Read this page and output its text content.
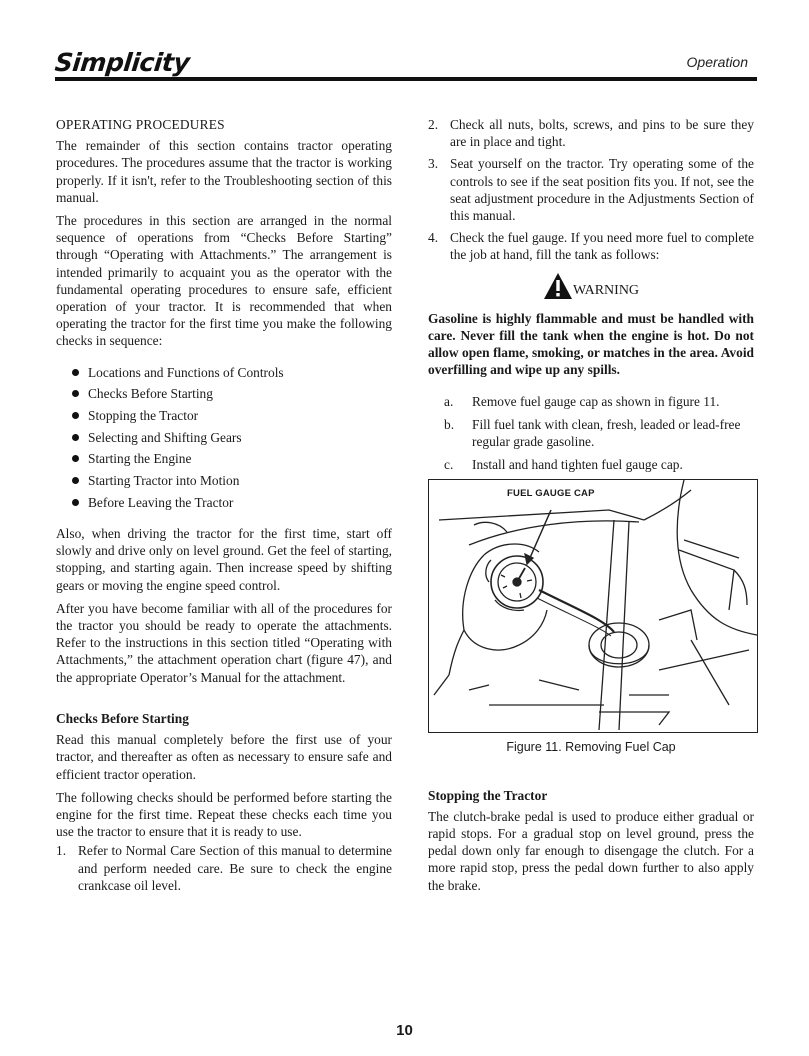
Simplicity	Operation
OPERATING PROCEDURES

The remainder of this section contains tractor operating procedures. The procedures assume that the tractor is working properly. If it isn't, refer to the Troubleshooting section of this manual.

The procedures in this section are arranged in the normal sequence of operations from “Checks Before Starting” through “Operating with Attachments.” The arrangement is intended primarily to acquaint you as the operator with the fundamental operating procedures to ensure safe, efficient operation of your tractor. It is recommended that when operating the tractor for the first time you make the following checks in sequence:

Locations and Functions of Controls
Checks Before Starting
Stopping the Tractor
Selecting and Shifting Gears
Starting the Engine
Starting Tractor into Motion
Before Leaving the Tractor

Also, when driving the tractor for the first time, start off slowly and drive only on level ground. Get the feel of starting, stopping, and starting again. Then increase speed by shifting gears or moving the engine speed control.

After you have become familiar with all of the procedures for the tractor you should be ready to operate the attachments. Refer to the instructions in this section titled “Operating with Attachments,” the attachment operation chart (figure 47), and the appropriate Operator’s Manual for the attachment.

Checks Before Starting

Read this manual completely before the first use of your tractor, and thereafter as often as necessary to ensure safe and efficient tractor operation.

The following checks should be performed before starting the engine for the first time. Repeat these checks each time you use the tractor to ensure that it is ready to use.

1. Refer to Normal Care Section of this manual to determine and perform needed care. Be sure to check the engine crankcase oil level.
2. Check all nuts, bolts, screws, and pins to be sure they are in place and tight.
3. Seat yourself on the tractor. Try operating some of the controls to see if the seat position fits you. If not, see the seat adjustment procedure in the Adjustments Section of this manual.
4. Check the fuel gauge. If you need more fuel to complete the job at hand, fill the tank as follows:
WARNING

Gasoline is highly flammable and must be handled with care. Never fill the tank when the engine is hot. Do not allow open flame, smoking, or matches in the area. Avoid overfilling and wipe up any spills.

a. Remove fuel gauge cap as shown in figure 11.
b. Fill fuel tank with clean, fresh, leaded or lead-free regular grade gasoline.
c. Install and hand tighten fuel gauge cap.
FUEL GAUGE CAP
Figure 11. Removing Fuel Cap
Stopping the Tractor

The clutch-brake pedal is used to produce either gradual or rapid stops. For a gradual stop on level ground, press the pedal down only far enough to disengage the clutch. For a more rapid stop, press the pedal down further to also apply the brake.

10
